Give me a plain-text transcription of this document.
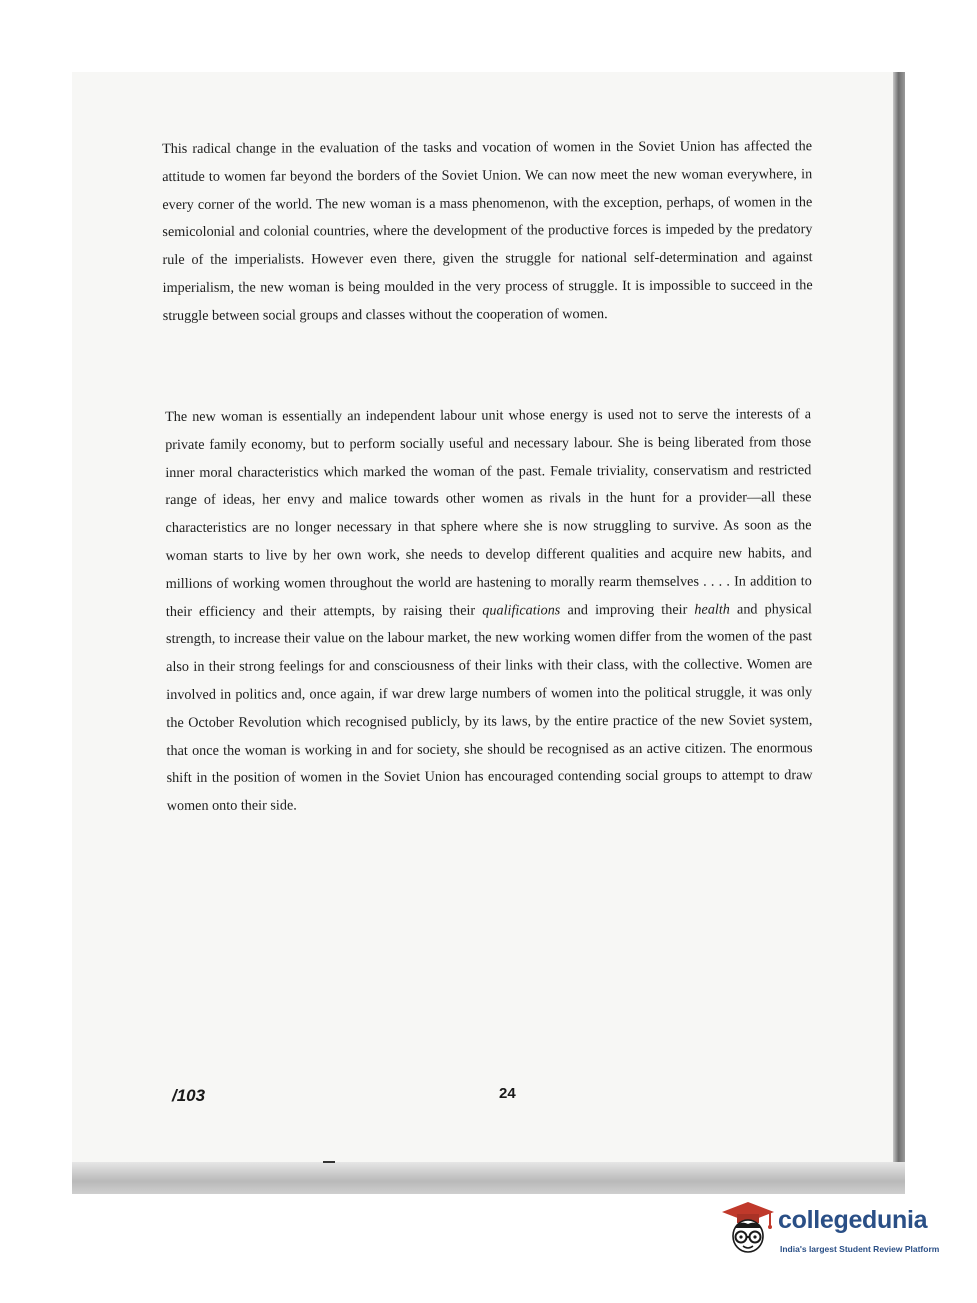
This radical change in the evaluation of the tasks and vocation of women in the Soviet Union has affected the attitude to women far beyond the borders of the Soviet Union. We can now meet the new woman everywhere, in every corner of the world. The new woman is a mass phenomenon, with the exception, perhaps, of women in the semicolonial and colonial countries, where the development of the productive forces is impeded by the predatory rule of the imperialists. However even there, given the struggle for national self-determination and against imperialism, the new woman is being moulded in the very process of struggle. It is impossible to succeed in the struggle between social groups and classes without the cooperation of women.

The new woman is essentially an independent labour unit whose energy is used not to serve the interests of a private family economy, but to perform socially useful and necessary labour. She is being liberated from those inner moral characteristics which marked the woman of the past. Female triviality, conservatism and restricted range of ideas, her envy and malice towards other women as rivals in the hunt for a provider—all these characteristics are no longer necessary in that sphere where she is now struggling to survive. As soon as the woman starts to live by her own work, she needs to develop different qualities and acquire new habits, and millions of working women throughout the world are hastening to morally rearm themselves . . . . In addition to their efficiency and their attempts, by raising their qualifications and improving their health and physical strength, to increase their value on the labour market, the new working women differ from the women of the past also in their strong feelings for and consciousness of their links with their class, with the collective. Women are involved in politics and, once again, if war drew large numbers of women into the political struggle, it was only the October Revolution which recognised publicly, by its laws, by the entire practice of the new Soviet system, that once the woman is working in and for society, she should be recognised as an active citizen. The enormous shift in the position of women in the Soviet Union has encouraged contending social groups to attempt to draw women onto their side.

/103	24
collegedunia
India's largest Student Review Platform
